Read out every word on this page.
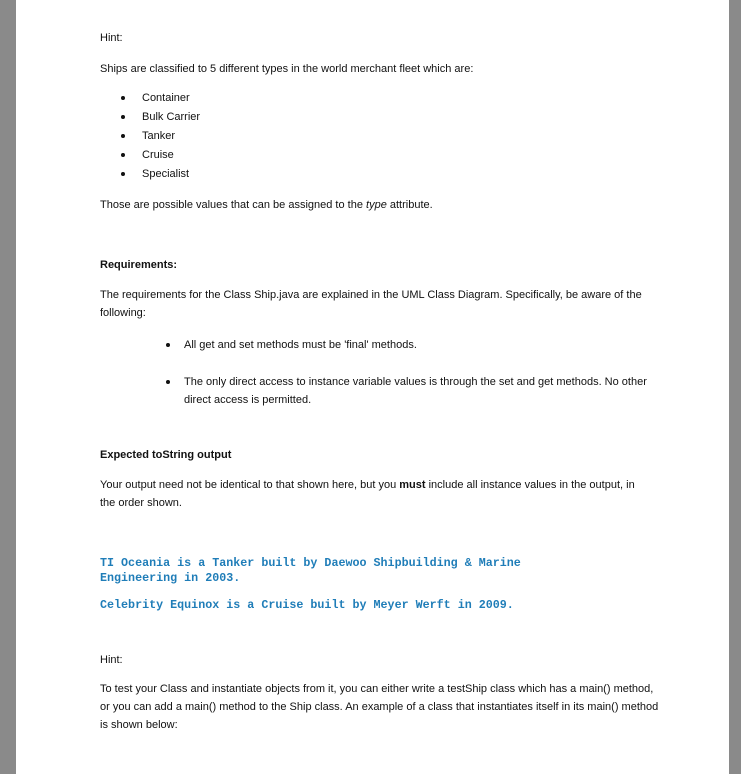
Hint:

Ships are classified to 5 different types in the world merchant fleet which are:

Container
Bulk Carrier
Tanker
Cruise
Specialist

Those are possible values that can be assigned to the type attribute.

Requirements:

The requirements for the Class Ship.java are explained in the UML Class Diagram. Specifically, be aware of the following:

All get and set methods must be 'final' methods.
The only direct access to instance variable values is through the set and get methods. No other direct access is permitted.

Expected toString output

Your output need not be identical to that shown here, but you must include all instance values in the output, in the order shown.

TI Oceania is a Tanker built by Daewoo Shipbuilding & Marine Engineering in 2003.

Celebrity Equinox is a Cruise built by Meyer Werft in 2009.

Hint:

To test your Class and instantiate objects from it, you can either write a testShip class which has a main() method, or you can add a main() method to the Ship class. An example of a class that instantiates itself in its main() method is shown below:
